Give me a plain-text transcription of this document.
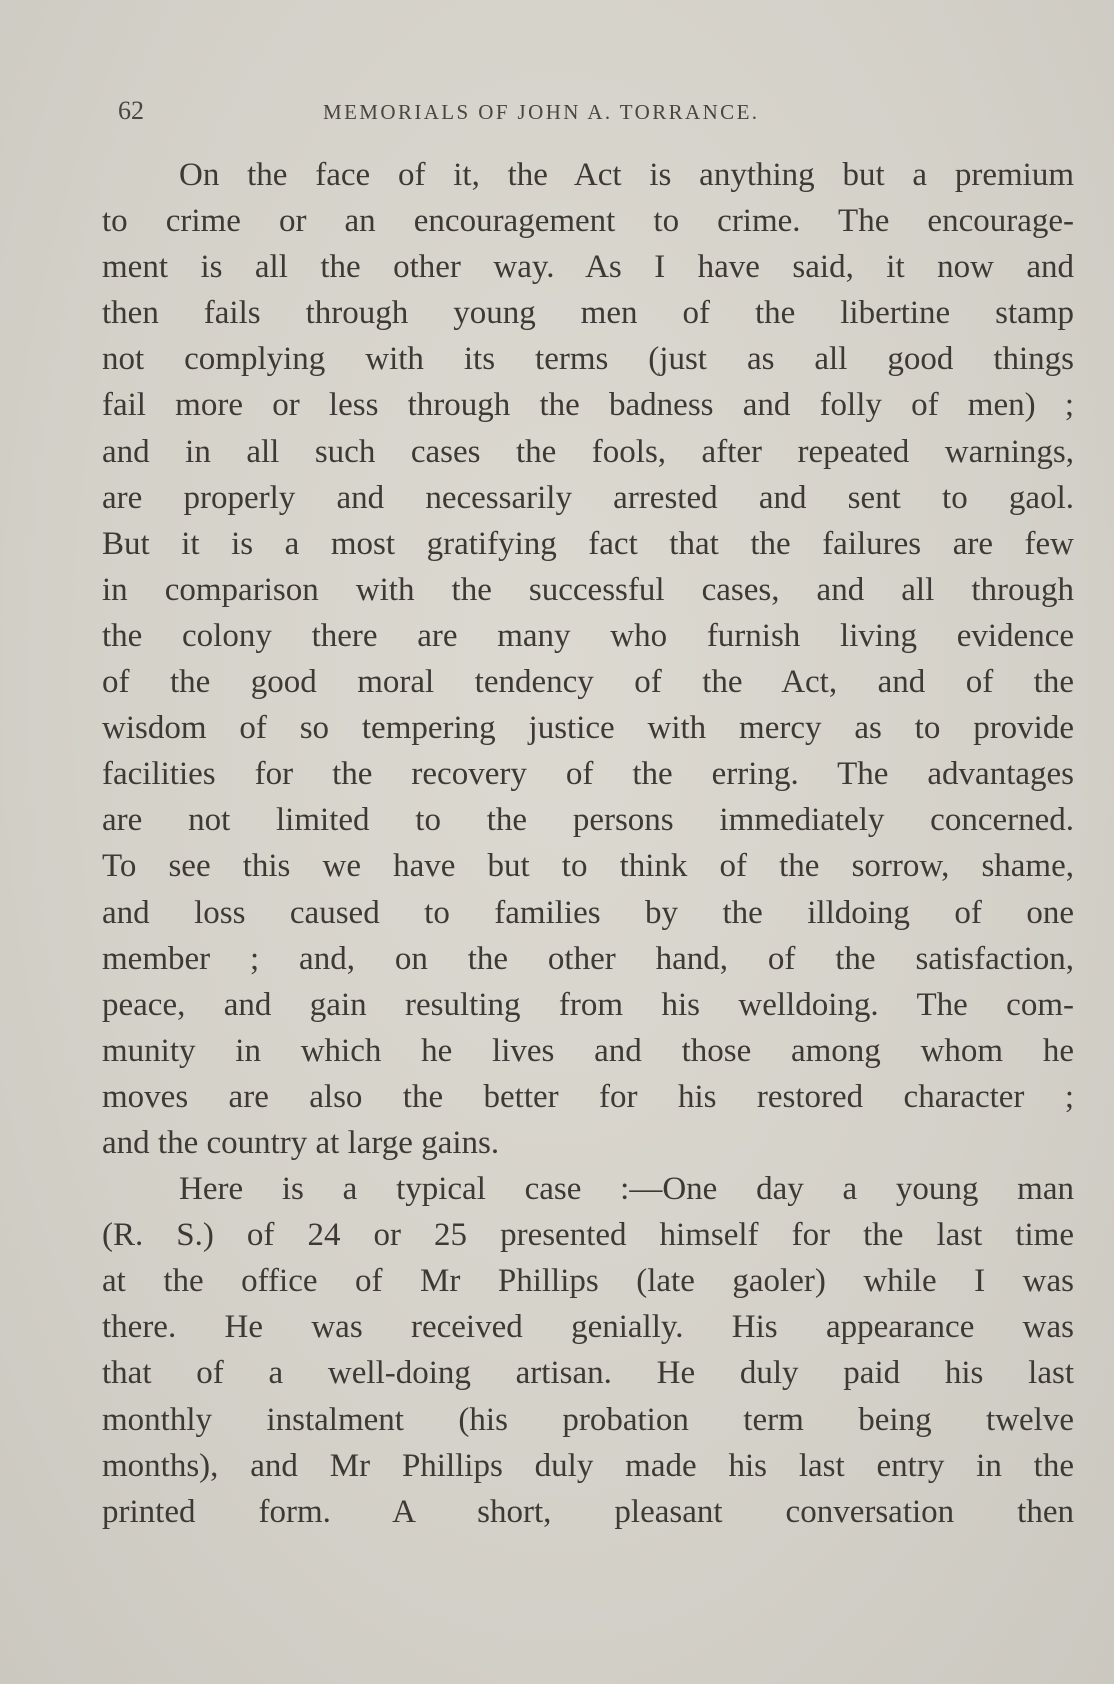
62	MEMORIALS OF JOHN A. TORRANCE.
On the face of it, the Act is anything but a premium
to crime or an encouragement to crime. The encourage-
ment is all the other way. As I have said, it now and
then fails through young men of the libertine stamp
not complying with its terms (just as all good things
fail more or less through the badness and folly of men) ;
and in all such cases the fools, after repeated warnings,
are properly and necessarily arrested and sent to gaol.
But it is a most gratifying fact that the failures are few
in comparison with the successful cases, and all through
the colony there are many who furnish living evidence
of the good moral tendency of the Act, and of the
wisdom of so tempering justice with mercy as to provide
facilities for the recovery of the erring. The advantages
are not limited to the persons immediately concerned.
To see this we have but to think of the sorrow, shame,
and loss caused to families by the illdoing of one
member ; and, on the other hand, of the satisfaction,
peace, and gain resulting from his welldoing. The com-
munity in which he lives and those among whom he
moves are also the better for his restored character ;
and the country at large gains.
Here is a typical case :—One day a young man
(R. S.) of 24 or 25 presented himself for the last time
at the office of Mr Phillips (late gaoler) while I was
there. He was received genially. His appearance was
that of a well-doing artisan. He duly paid his last
monthly instalment (his probation term being twelve
months), and Mr Phillips duly made his last entry in the
printed form. A short, pleasant conversation then
